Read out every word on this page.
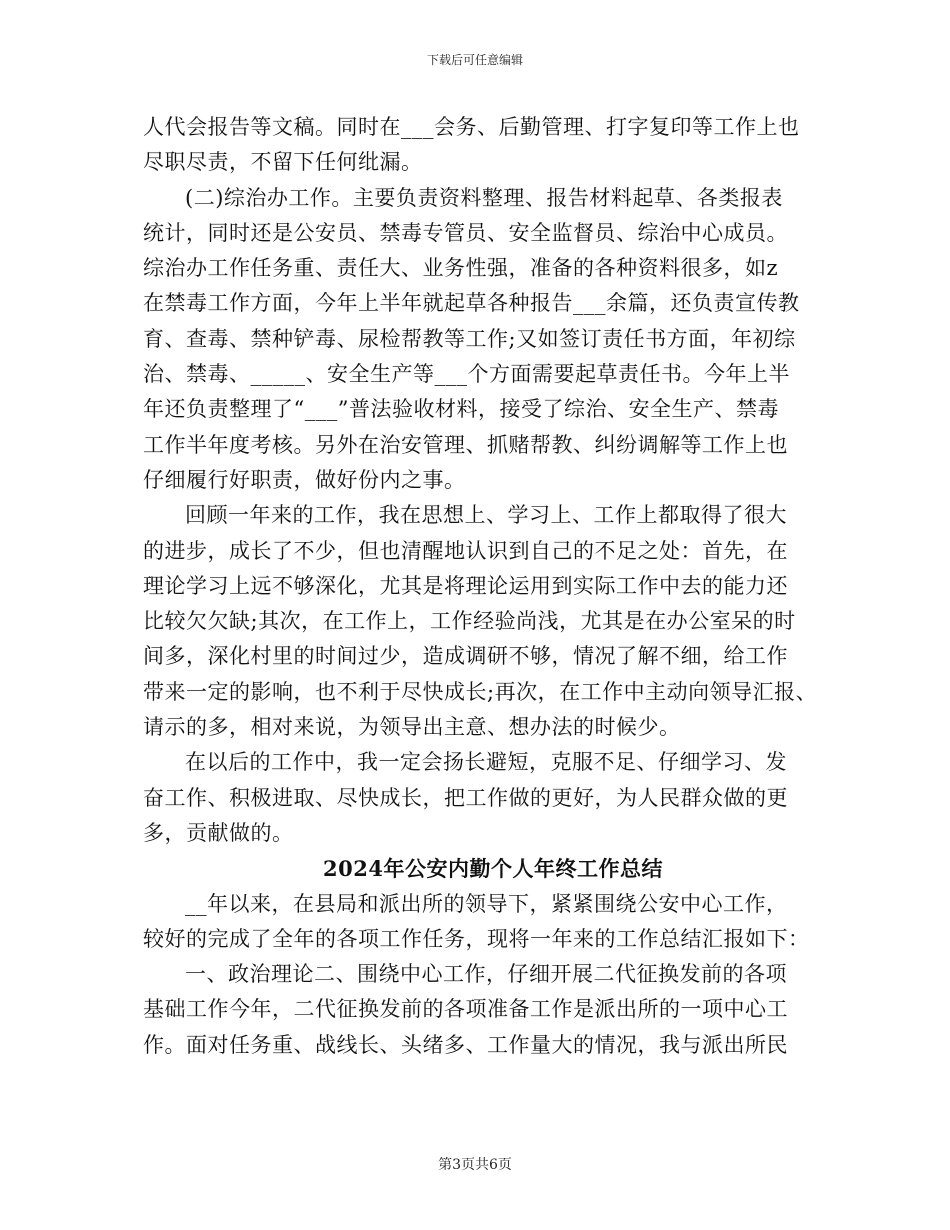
下载后可任意编辑
人代会报告等文稿。同时在___会务、后勤管理、打字复印等工作上也
尽职尽责，不留下任何纰漏。
(二)综治办工作。主要负责资料整理、报告材料起草、各类报表
统计，同时还是公安员、禁毒专管员、安全监督员、综治中心成员。
综治办工作任务重、责任大、业务性强，准备的各种资料很多，如z
在禁毒工作方面，今年上半年就起草各种报告___余篇，还负责宣传教
育、查毒、禁种铲毒、尿检帮教等工作;又如签订责任书方面，年初综
治、禁毒、_____、安全生产等___个方面需要起草责任书。今年上半
年还负责整理了“___”普法验收材料，接受了综治、安全生产、禁毒
工作半年度考核。另外在治安管理、抓赌帮教、纠纷调解等工作上也
仔细履行好职责，做好份内之事。
回顾一年来的工作，我在思想上、学习上、工作上都取得了很大
的进步，成长了不少，但也清醒地认识到自己的不足之处：首先，在
理论学习上远不够深化，尤其是将理论运用到实际工作中去的能力还
比较欠欠缺;其次，在工作上，工作经验尚浅，尤其是在办公室呆的时
间多，深化村里的时间过少，造成调研不够，情况了解不细，给工作
带来一定的影响，也不利于尽快成长;再次，在工作中主动向领导汇报、
请示的多，相对来说，为领导出主意、想办法的时候少。
在以后的工作中，我一定会扬长避短，克服不足、仔细学习、发
奋工作、积极进取、尽快成长，把工作做的更好，为人民群众做的更
多，贡献做的。
2024年公安内勤个人年终工作总结
__年以来，在县局和派出所的领导下，紧紧围绕公安中心工作，
较好的完成了全年的各项工作任务，现将一年来的工作总结汇报如下：
一、政治理论二、围绕中心工作，仔细开展二代征换发前的各项
基础工作今年，二代征换发前的各项准备工作是派出所的一项中心工
作。面对任务重、战线长、头绪多、工作量大的情况，我与派出所民
第3页共6页
